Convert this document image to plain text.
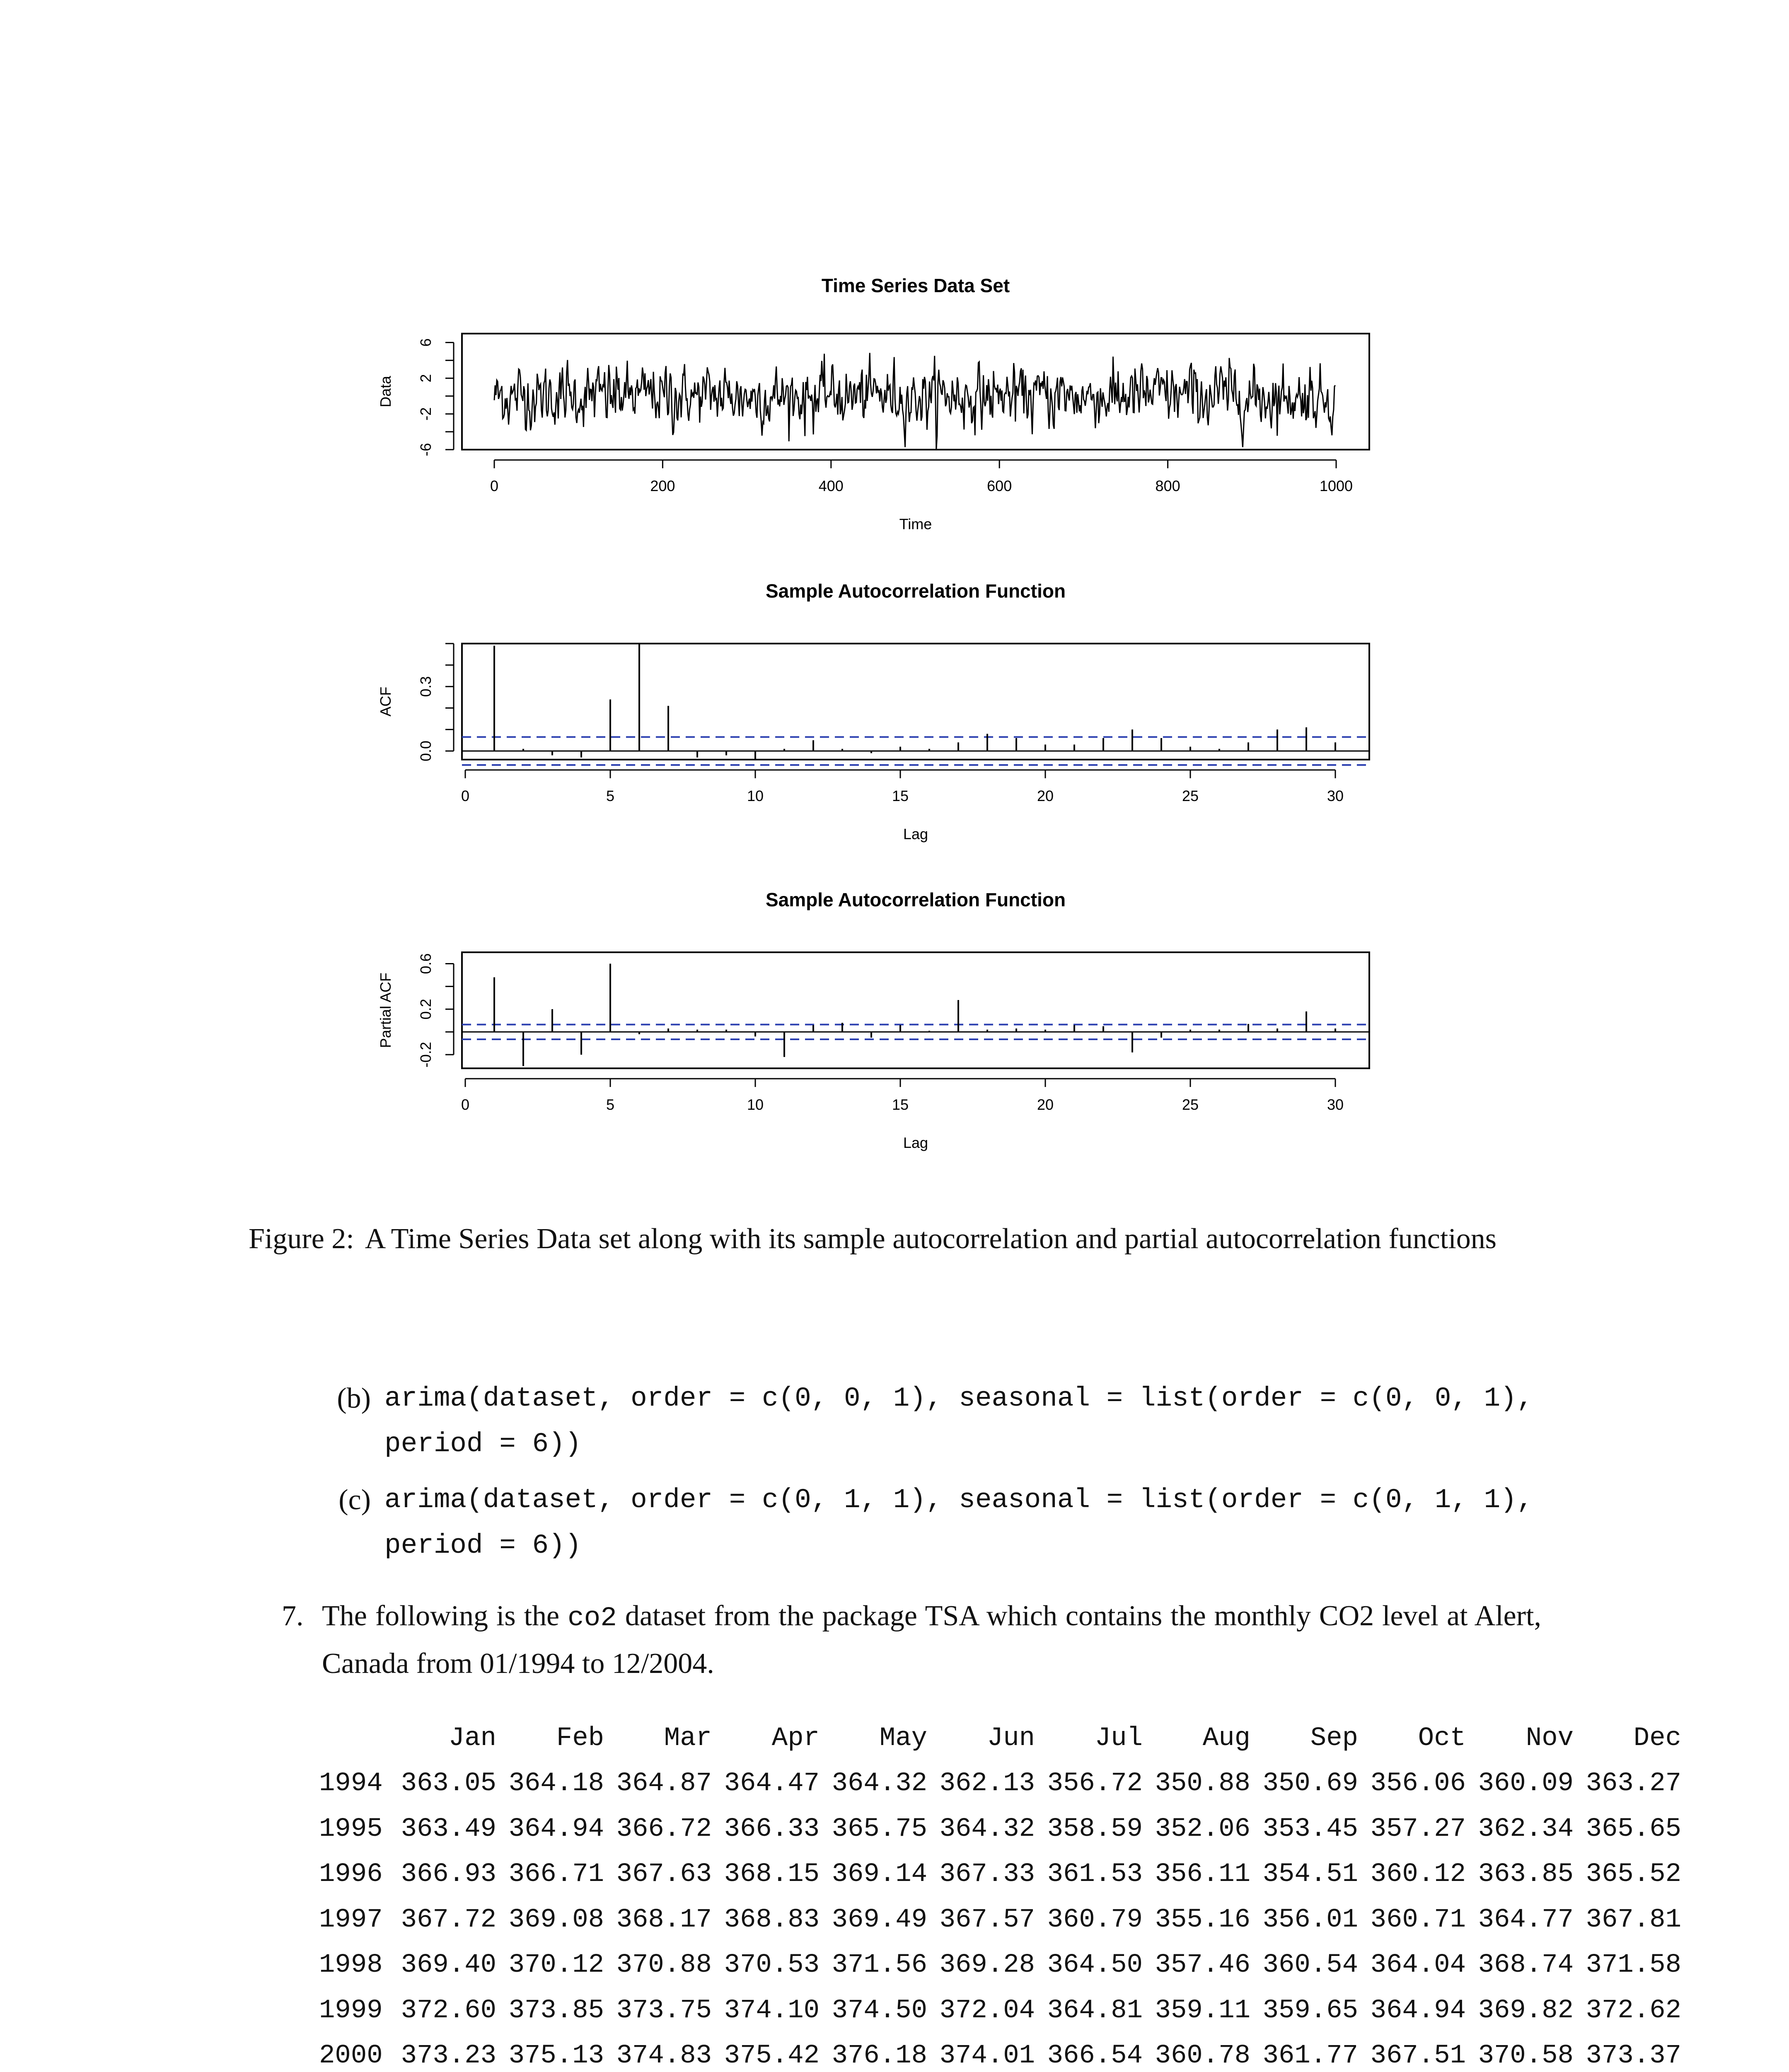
Time Series Data Set
0	200	400	600	800	1000
-6
-2
2
6
Time
Data
Sample Autocorrelation Function
0	5	10	15	20	25	30
0.0
0.3
Lag
ACF
Sample Autocorrelation Function
0	5	10	15	20	25	30
-0.2
0.2
0.6
Lag
Partial ACF
Figure 2: A Time Series Data set along with its sample autocorrelation and partial autocorrelation functions
(b) arima(dataset, order = c(0, 0, 1), seasonal = list(order = c(0, 0, 1),
period = 6))
(c) arima(dataset, order = c(0, 1, 1), seasonal = list(order = c(0, 1, 1),
period = 6))
7. The following is the co2 dataset from the package TSA which contains the monthly CO2 level at Alert, Canada from 01/1994 to 12/2004.
	Jan	Feb	Mar	Apr	May	Jun	Jul	Aug	Sep	Oct	Nov	Dec
1994	363.05	364.18	364.87	364.47	364.32	362.13	356.72	350.88	350.69	356.06	360.09	363.27
1995	363.49	364.94	366.72	366.33	365.75	364.32	358.59	352.06	353.45	357.27	362.34	365.65
1996	366.93	366.71	367.63	368.15	369.14	367.33	361.53	356.11	354.51	360.12	363.85	365.52
1997	367.72	369.08	368.17	368.83	369.49	367.57	360.79	355.16	356.01	360.71	364.77	367.81
1998	369.40	370.12	370.88	370.53	371.56	369.28	364.50	357.46	360.54	364.04	368.74	371.58
1999	372.60	373.85	373.75	374.10	374.50	372.04	364.81	359.11	359.65	364.94	369.82	372.62
2000	373.23	375.13	374.83	375.42	376.18	374.01	366.54	360.78	361.77	367.51	370.58	373.37
